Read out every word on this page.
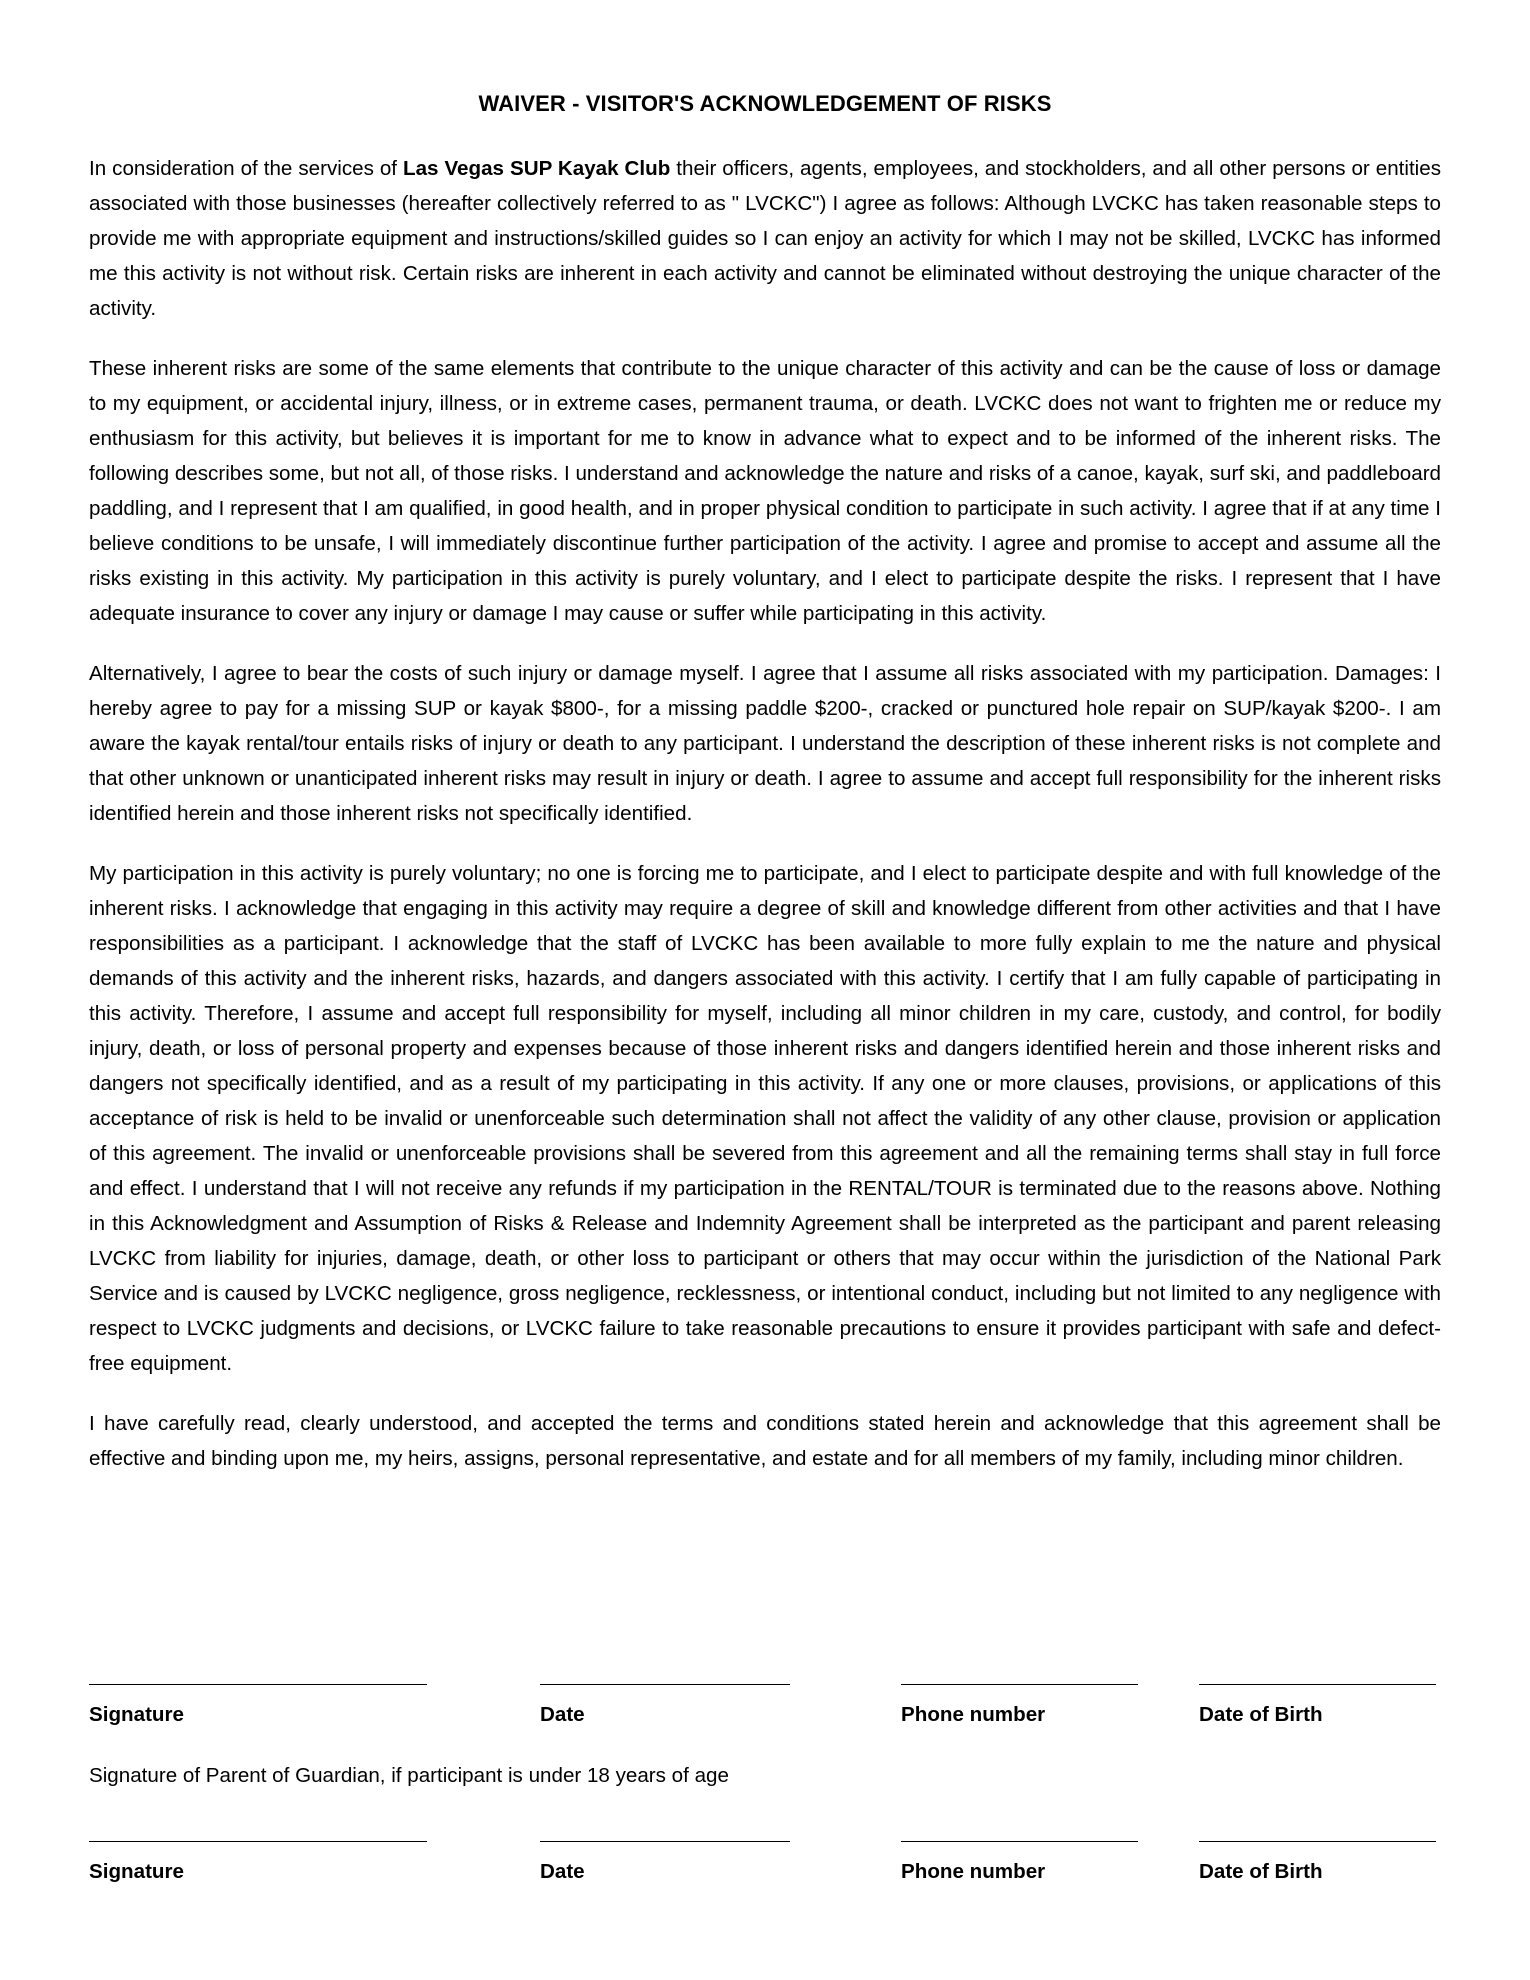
WAIVER - VISITOR'S ACKNOWLEDGEMENT OF RISKS

In consideration of the services of Las Vegas SUP Kayak Club their officers, agents, employees, and stockholders, and all other persons or entities associated with those businesses (hereafter collectively referred to as " LVCKC") I agree as follows: Although LVCKC has taken reasonable steps to provide me with appropriate equipment and instructions/skilled guides so I can enjoy an activity for which I may not be skilled, LVCKC has informed me this activity is not without risk. Certain risks are inherent in each activity and cannot be eliminated without destroying the unique character of the activity.

These inherent risks are some of the same elements that contribute to the unique character of this activity and can be the cause of loss or damage to my equipment, or accidental injury, illness, or in extreme cases, permanent trauma, or death. LVCKC does not want to frighten me or reduce my enthusiasm for this activity, but believes it is important for me to know in advance what to expect and to be informed of the inherent risks. The following describes some, but not all, of those risks. I understand and acknowledge the nature and risks of a canoe, kayak, surf ski, and paddleboard paddling, and I represent that I am qualified, in good health, and in proper physical condition to participate in such activity. I agree that if at any time I believe conditions to be unsafe, I will immediately discontinue further participation of the activity. I agree and promise to accept and assume all the risks existing in this activity. My participation in this activity is purely voluntary, and I elect to participate despite the risks. I represent that I have adequate insurance to cover any injury or damage I may cause or suffer while participating in this activity.

Alternatively, I agree to bear the costs of such injury or damage myself. I agree that I assume all risks associated with my participation. Damages: I hereby agree to pay for a missing SUP or kayak $800-, for a missing paddle $200-, cracked or punctured hole repair on SUP/kayak $200-. I am aware the kayak rental/tour entails risks of injury or death to any participant. I understand the description of these inherent risks is not complete and that other unknown or unanticipated inherent risks may result in injury or death. I agree to assume and accept full responsibility for the inherent risks identified herein and those inherent risks not specifically identified.

My participation in this activity is purely voluntary; no one is forcing me to participate, and I elect to participate despite and with full knowledge of the inherent risks. I acknowledge that engaging in this activity may require a degree of skill and knowledge different from other activities and that I have responsibilities as a participant. I acknowledge that the staff of LVCKC has been available to more fully explain to me the nature and physical demands of this activity and the inherent risks, hazards, and dangers associated with this activity. I certify that I am fully capable of participating in this activity. Therefore, I assume and accept full responsibility for myself, including all minor children in my care, custody, and control, for bodily injury, death, or loss of personal property and expenses because of those inherent risks and dangers identified herein and those inherent risks and dangers not specifically identified, and as a result of my participating in this activity. If any one or more clauses, provisions, or applications of this acceptance of risk is held to be invalid or unenforceable such determination shall not affect the validity of any other clause, provision or application of this agreement. The invalid or unenforceable provisions shall be severed from this agreement and all the remaining terms shall stay in full force and effect. I understand that I will not receive any refunds if my participation in the RENTAL/TOUR is terminated due to the reasons above. Nothing in this Acknowledgment and Assumption of Risks & Release and Indemnity Agreement shall be interpreted as the participant and parent releasing LVCKC from liability for injuries, damage, death, or other loss to participant or others that may occur within the jurisdiction of the National Park Service and is caused by LVCKC negligence, gross negligence, recklessness, or intentional conduct, including but not limited to any negligence with respect to LVCKC judgments and decisions, or LVCKC failure to take reasonable precautions to ensure it provides participant with safe and defect-free equipment.

I have carefully read, clearly understood, and accepted the terms and conditions stated herein and acknowledge that this agreement shall be effective and binding upon me, my heirs, assigns, personal representative, and estate and for all members of my family, including minor children.

Signature	Date	Phone number	Date of Birth
Signature of Parent of Guardian, if participant is under 18 years of age
Signature	Date	Phone number	Date of Birth
